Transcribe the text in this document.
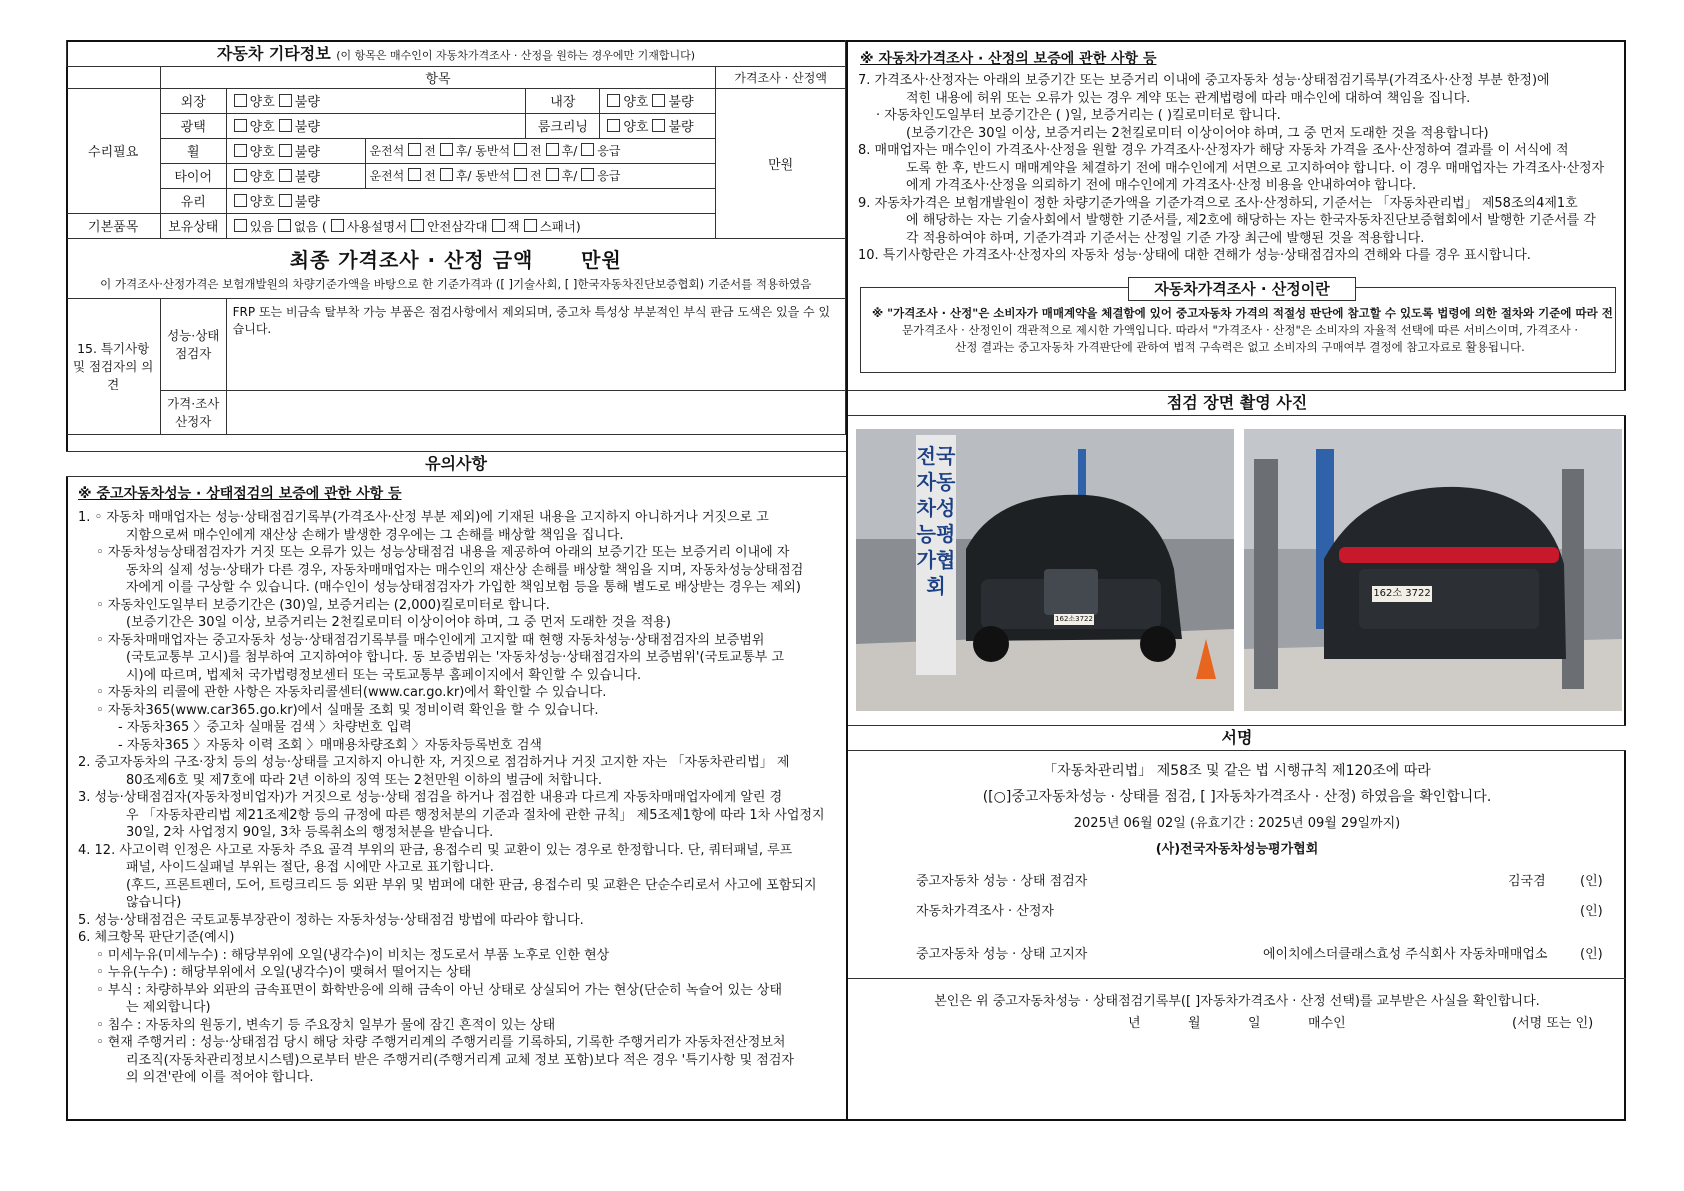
자동차 기타정보 (이 항목은 매수인이 자동차가격조사 · 산정을 원하는 경우에만 기재합니다)						
	항목					가격조사 · 산정액
수리필요	외장	양호 불량		내장	양호 불량	만원
	광택	양호 불량		룸크리닝	양호 불량	
	휠	양호 불량	운전석 전 후/ 동반석 전 후/ 응급			
	타이어	양호 불량	운전석 전 후/ 동반석 전 후/ 응급			
	유리	양호 불량				
기본품목	보유상태	있음 없음 ( 사용설명서 안전삼각대 잭 스패너)				

최종 가격조사 · 산정 금액 만원
이 가격조사·산정가격은 보험개발원의 차량기준가액을 바탕으로 한 기준가격과 ([ ]기술사회, [ ]한국자동차진단보증협회) 기준서를 적용하였음						

15. 특기사항 및 점검자의 의견	성능·상태 점검자	FRP 또는 비금속 탈부착 가능 부품은 점검사항에서 제외되며, 중고차 특성상 부분적인 부식 판금 도색은 있을 수 있습니다.				
	가격·조사 산정자					
유의사항
※ 중고자동차성능 · 상태점검의 보증에 관한 사항 등
1. ◦ 자동차 매매업자는 성능·상태점검기록부(가격조사·산정 부분 제외)에 기재된 내용을 고지하지 아니하거나 거짓으로 고
지함으로써 매수인에게 재산상 손해가 발생한 경우에는 그 손해를 배상할 책임을 집니다.
◦ 자동차성능상태점검자가 거짓 또는 오류가 있는 성능상태점검 내용을 제공하여 아래의 보증기간 또는 보증거리 이내에 자
동차의 실제 성능·상태가 다른 경우, 자동차매매업자는 매수인의 재산상 손해를 배상할 책임을 지며, 자동차성능상태점검
자에게 이를 구상할 수 있습니다. (매수인이 성능상태점검자가 가입한 책임보험 등을 통해 별도로 배상받는 경우는 제외)
◦ 자동차인도일부터 보증기간은 (30)일, 보증거리는 (2,000)킬로미터로 합니다.
(보증기간은 30일 이상, 보증거리는 2천킬로미터 이상이어야 하며, 그 중 먼저 도래한 것을 적용)
◦ 자동차매매업자는 중고자동차 성능·상태점검기록부를 매수인에게 고지할 때 현행 자동차성능·상태점검자의 보증범위
(국토교통부 고시)를 첨부하여 고지하여야 합니다. 동 보증범위는 '자동차성능·상태점검자의 보증범위'(국토교통부 고
시)에 따르며, 법제처 국가법령정보센터 또는 국토교통부 홈페이지에서 확인할 수 있습니다.
◦ 자동차의 리콜에 관한 사항은 자동차리콜센터(www.car.go.kr)에서 확인할 수 있습니다.
◦ 자동차365(www.car365.go.kr)에서 실매물 조회 및 정비이력 확인을 할 수 있습니다.
- 자동차365 〉중고차 실매물 검색 〉차량번호 입력
- 자동차365 〉자동차 이력 조회 〉매매용차량조회 〉자동차등록번호 검색
2. 중고자동차의 구조·장치 등의 성능·상태를 고지하지 아니한 자, 거짓으로 점검하거나 거짓 고지한 자는 「자동차관리법」 제
80조제6호 및 제7호에 따라 2년 이하의 징역 또는 2천만원 이하의 벌금에 처합니다.
3. 성능·상태점검자(자동차정비업자)가 거짓으로 성능·상태 점검을 하거나 점검한 내용과 다르게 자동차매매업자에게 알린 경
우 「자동차관리법 제21조제2항 등의 규정에 따른 행정처분의 기준과 절차에 관한 규칙」 제5조제1항에 따라 1차 사업정지
30일, 2차 사업정지 90일, 3차 등록취소의 행정처분을 받습니다.
4. 12. 사고이력 인정은 사고로 자동차 주요 골격 부위의 판금, 용접수리 및 교환이 있는 경우로 한정합니다. 단, 쿼터패널, 루프
패널, 사이드실패널 부위는 절단, 용접 시에만 사고로 표기합니다.
(후드, 프론트펜더, 도어, 트렁크리드 등 외판 부위 및 범퍼에 대한 판금, 용접수리 및 교환은 단순수리로서 사고에 포함되지
않습니다)
5. 성능·상태점검은 국토교통부장관이 정하는 자동차성능·상태점검 방법에 따라야 합니다.
6. 체크항목 판단기준(예시)
◦ 미세누유(미세누수) : 해당부위에 오일(냉각수)이 비치는 정도로서 부품 노후로 인한 현상
◦ 누유(누수) : 해당부위에서 오일(냉각수)이 맺혀서 떨어지는 상태
◦ 부식 : 차량하부와 외판의 금속표면이 화학반응에 의해 금속이 아닌 상태로 상실되어 가는 현상(단순히 녹슬어 있는 상태
는 제외합니다)
◦ 침수 : 자동차의 원동기, 변속기 등 주요장치 일부가 물에 잠긴 흔적이 있는 상태
◦ 현재 주행거리 : 성능·상태점검 당시 해당 차량 주행거리계의 주행거리를 기록하되, 기록한 주행거리가 자동차전산정보처
리조직(자동차관리정보시스템)으로부터 받은 주행거리(주행거리계 교체 정보 포함)보다 적은 경우 '특기사항 및 점검자
의 의견'란에 이를 적어야 합니다.
※ 자동차가격조사 · 산정의 보증에 관한 사항 등
7. 가격조사·산정자는 아래의 보증기간 또는 보증거리 이내에 중고자동차 성능·상태점검기록부(가격조사·산정 부분 한정)에
적힌 내용에 허위 또는 오류가 있는 경우 계약 또는 관계법령에 따라 매수인에 대하여 책임을 집니다.
· 자동차인도일부터 보증기간은 ( )일, 보증거리는 ( )킬로미터로 합니다.
(보증기간은 30일 이상, 보증거리는 2천킬로미터 이상이어야 하며, 그 중 먼저 도래한 것을 적용합니다)
8. 매매업자는 매수인이 가격조사·산정을 원할 경우 가격조사·산정자가 해당 자동차 가격을 조사·산정하여 결과를 이 서식에 적
도록 한 후, 반드시 매매계약을 체결하기 전에 매수인에게 서면으로 고지하여야 합니다. 이 경우 매매업자는 가격조사·산정자
에게 가격조사·산정을 의뢰하기 전에 매수인에게 가격조사·산정 비용을 안내하여야 합니다.
9. 자동차가격은 보험개발원이 정한 차량기준가액을 기준가격으로 조사·산정하되, 기준서는 「자동차관리법」 제58조의4제1호
에 해당하는 자는 기술사회에서 발행한 기준서를, 제2호에 해당하는 자는 한국자동차진단보증협회에서 발행한 기준서를 각
각 적용하여야 하며, 기준가격과 기준서는 산정일 기준 가장 최근에 발행된 것을 적용합니다.
10. 특기사항란은 가격조사·산정자의 자동차 성능·상태에 대한 견해가 성능·상태점검자의 견해와 다를 경우 표시합니다.
자동차가격조사 · 산정이란
※ "가격조사 · 산정"은 소비자가 매매계약을 체결함에 있어 중고자동차 가격의 적절성 판단에 참고할 수 있도록 법령에 의한 절차와 기준에 따라 전
문가격조사 · 산정인이 객관적으로 제시한 가액입니다. 따라서 "가격조사 · 산정"은 소비자의 자율적 선택에 따른 서비스이며, 가격조사 ·
산정 결과는 중고자동차 가격판단에 관하여 법적 구속력은 없고 소비자의 구매여부 결정에 참고자료로 활용됩니다.
점검 장면 촬영 사진
전국자동차성능평가협회
162소3722
162소 3722
서명
「자동차관리법」 제58조 및 같은 법 시행규칙 제120조에 따라
([○]중고자동차성능 · 상태를 점검, [ ]자동차가격조사 · 산정) 하였음을 확인합니다.
2025년 06월 02일 (유효기간 : 2025년 09월 29일까지)
(사)전국자동차성능평가협회
중고자동차 성능 · 상태 점검자	김국겸	(인)
자동차가격조사 · 산정자	(인)
중고자동차 성능 · 상태 고지자	에이치에스더클래스효성 주식회사 자동차매매업소 (인)
본인은 위 중고자동차성능 · 상태점검기록부([ ]자동차가격조사 · 산정 선택)를 교부받은 사실을 확인합니다.
년	월	일	매수인	(서명 또는 인)
